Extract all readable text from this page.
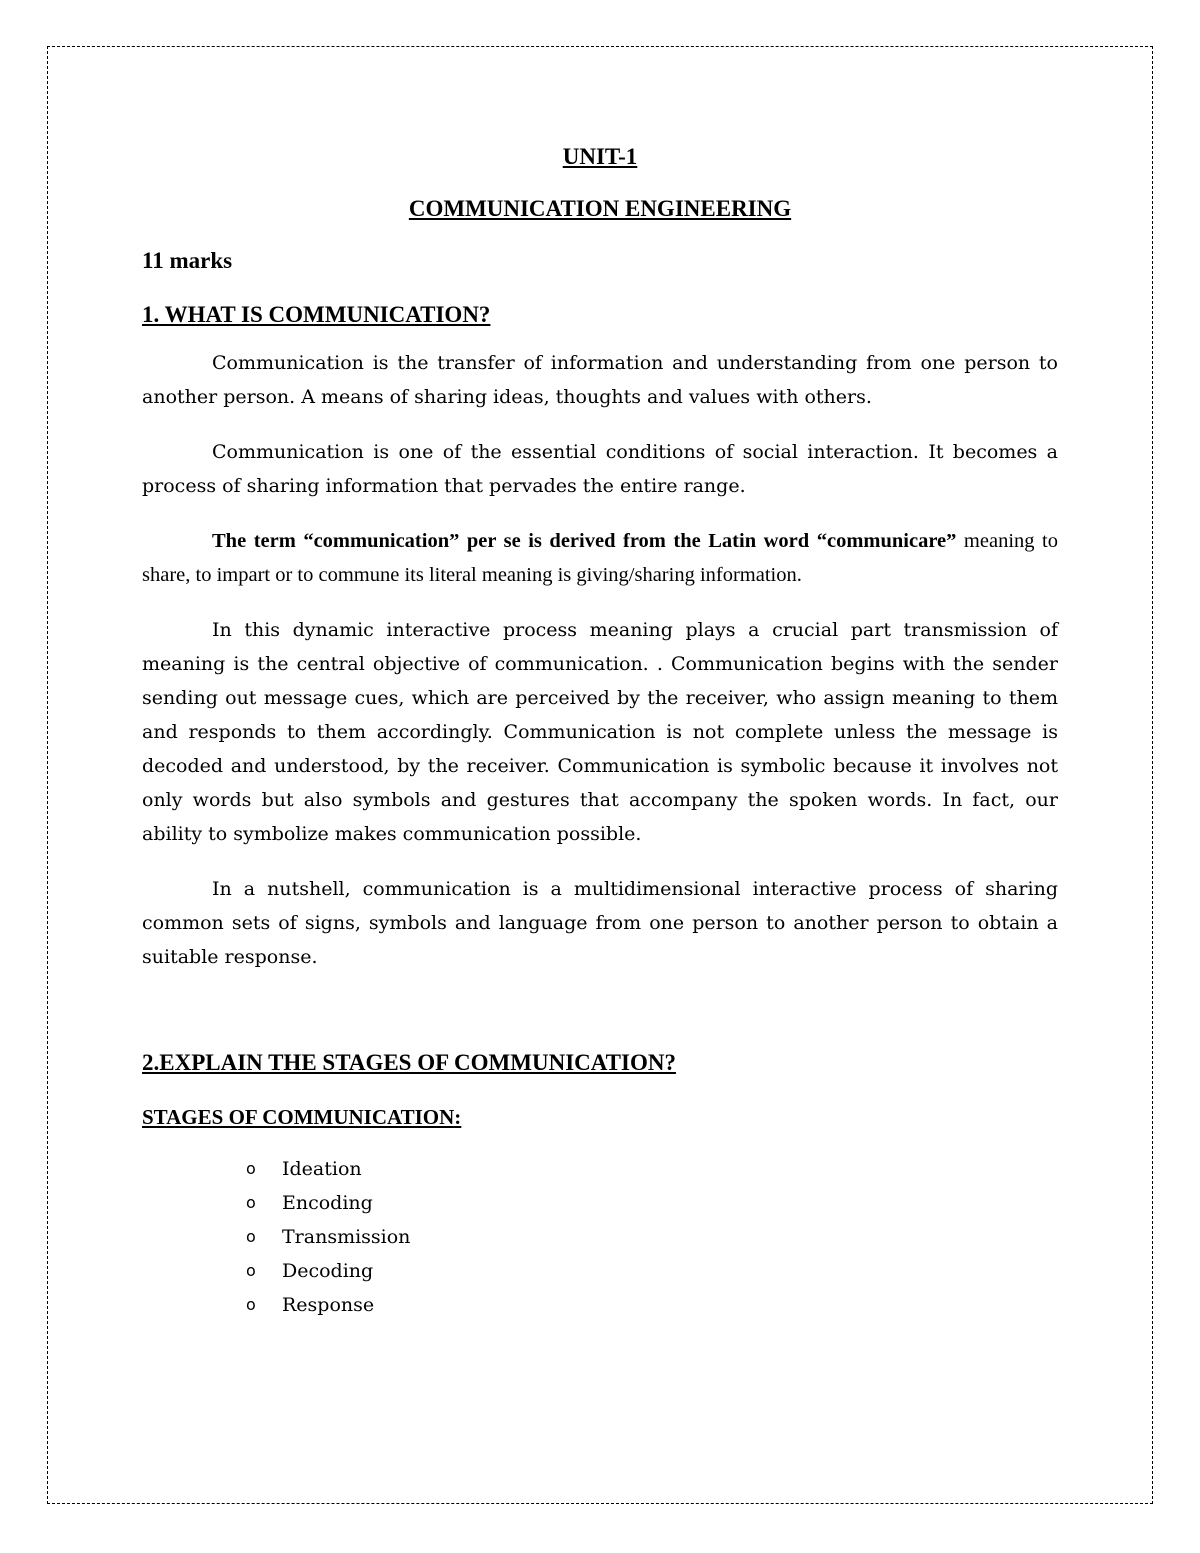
UNIT-1

COMMUNICATION ENGINEERING

11 marks

1. WHAT IS COMMUNICATION?

Communication is the transfer of information and understanding from one person to another person. A means of sharing ideas, thoughts and values with others.

Communication is one of the essential conditions of social interaction. It becomes a process of sharing information that pervades the entire range.

The term “communication” per se is derived from the Latin word “communicare” meaning to share, to impart or to commune its literal meaning is giving/sharing information.

In this dynamic interactive process meaning plays a crucial part transmission of meaning is the central objective of communication. . Communication begins with the sender sending out message cues, which are perceived by the receiver, who assign meaning to them and responds to them accordingly. Communication is not complete unless the message is decoded and understood, by the receiver. Communication is symbolic because it involves not only words but also symbols and gestures that accompany the spoken words. In fact, our ability to symbolize makes communication possible.

In a nutshell, communication is a multidimensional interactive process of sharing common sets of signs, symbols and language from one person to another person to obtain a suitable response.

2.EXPLAIN THE STAGES OF COMMUNICATION?

STAGES OF COMMUNICATION:

o	Ideation
o	Encoding
o	Transmission
o	Decoding
o	Response
